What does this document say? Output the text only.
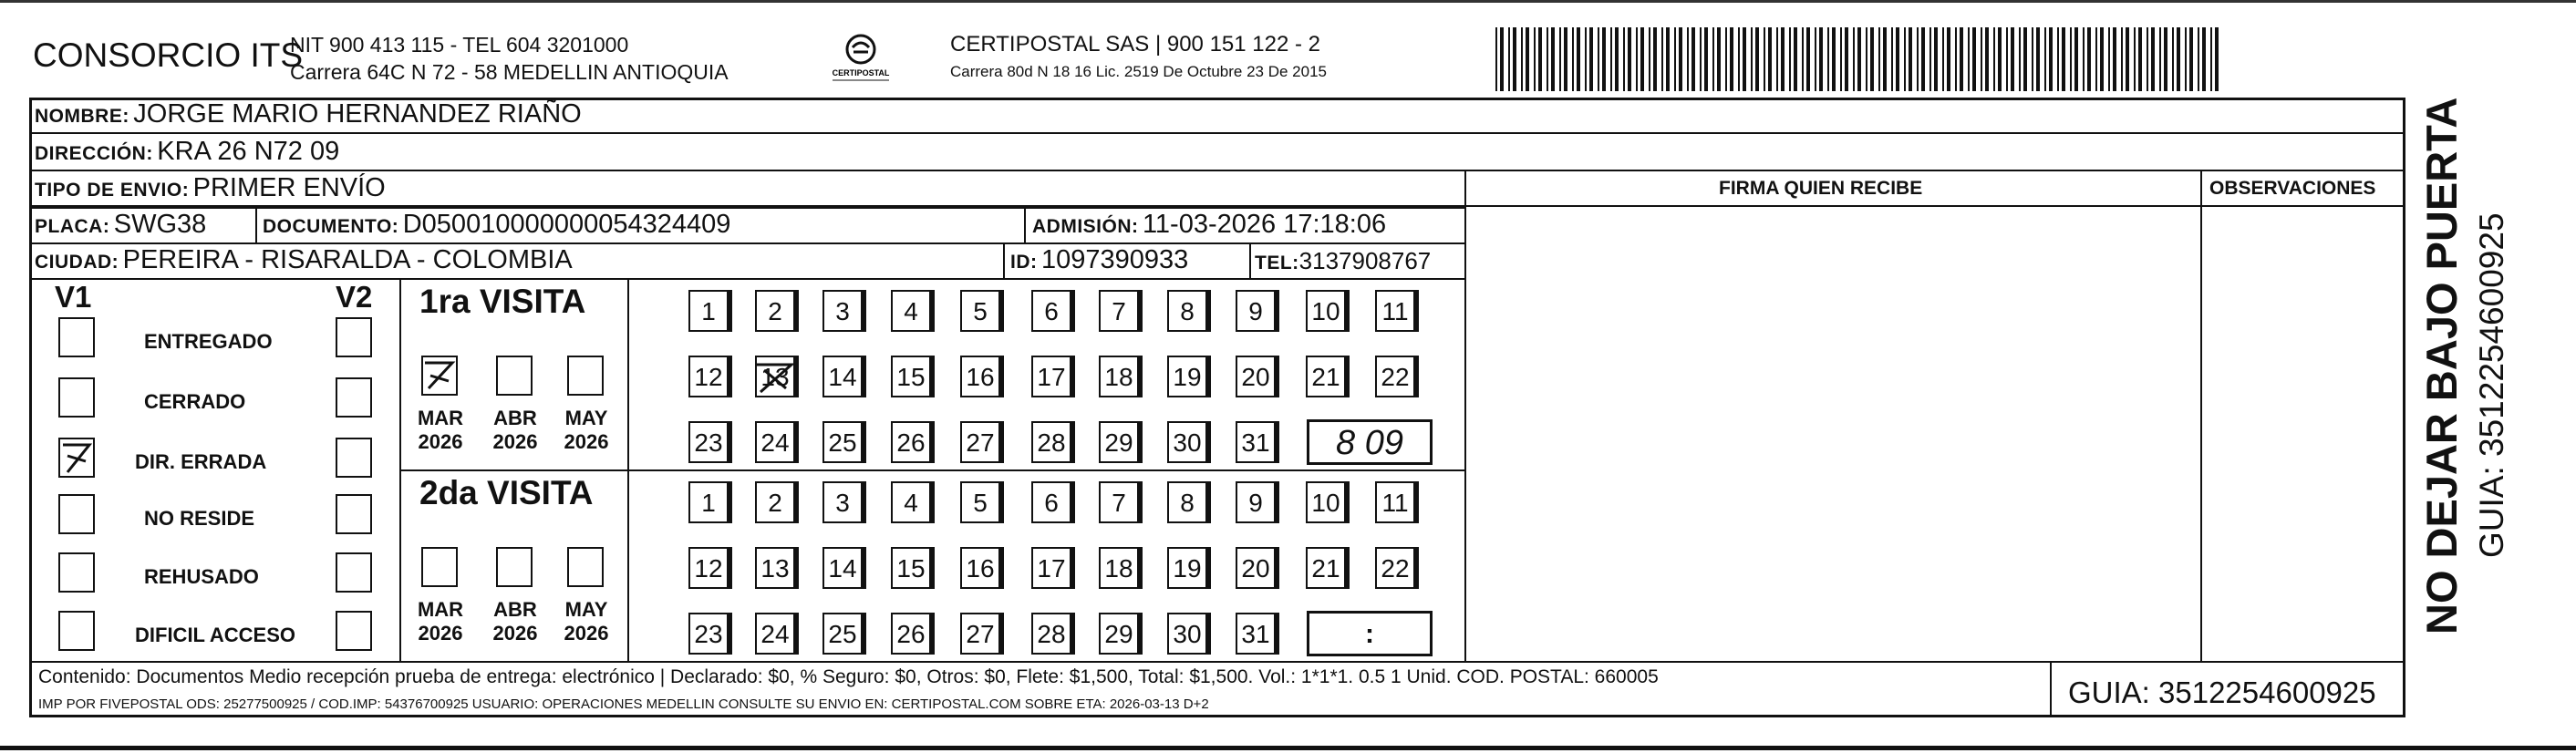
CONSORCIO ITS
NIT 900 413 115 - TEL 604 3201000
Carrera 64C N 72 - 58 MEDELLIN ANTIOQUIA	CERTIPOSTAL
CERTIPOSTAL SAS | 900 151 122 - 2
Carrera 80d N 18 16 Lic. 2519 De Octubre 23 De 2015
NOMBRE: JORGE MARIO HERNANDEZ RIAÑO
DIRECCIÓN: KRA 26 N72 09
TIPO DE ENVIO: PRIMER ENVÍO
PLACA: SWG38	DOCUMENTO: D050010000000054324409	ADMISIÓN: 11-03-2026 17:18:06
CIUDAD: PEREIRA - RISARALDA - COLOMBIA	ID: 1097390933	TEL:3137908767
FIRMA QUIEN RECIBE	OBSERVACIONES
V1	V2
ENTREGADO
CERRADO
DIR. ERRADA
NO RESIDE
REHUSADO
DIFICIL ACCESO
1ra VISITA
MAR
2026
ABR
2026
MAY
2026
1	2	3	4	5	6	7	8	9	10 11
12 13 14 15 16 17 18 19 20 21 22
23 24 25 26 27 28 29 30 31	8 09
2da VISITA
MAR
2026
ABR
2026
MAY
2026
1	2	3	4	5	6	7	8	9	10 11
12 13 14 15 16 17 18 19 20 21 22
23 24 25 26 27 28 29 30 31	:	NO DEJAR BAJO PUERTA GUIA: 3512254600925
Contenido: Documentos Medio recepción prueba de entrega: electrónico | Declarado: $0, % Seguro: $0, Otros: $0, Flete: $1,500, Total: $1,500. Vol.: 1*1*1. 0.5 1 Unid. COD. POSTAL: 660005
IMP POR FIVEPOSTAL ODS: 25277500925 / COD.IMP: 54376700925 USUARIO: OPERACIONES MEDELLIN CONSULTE SU ENVIO EN: CERTIPOSTAL.COM SOBRE ETA: 2026-03-13 D+2	GUIA: 3512254600925
